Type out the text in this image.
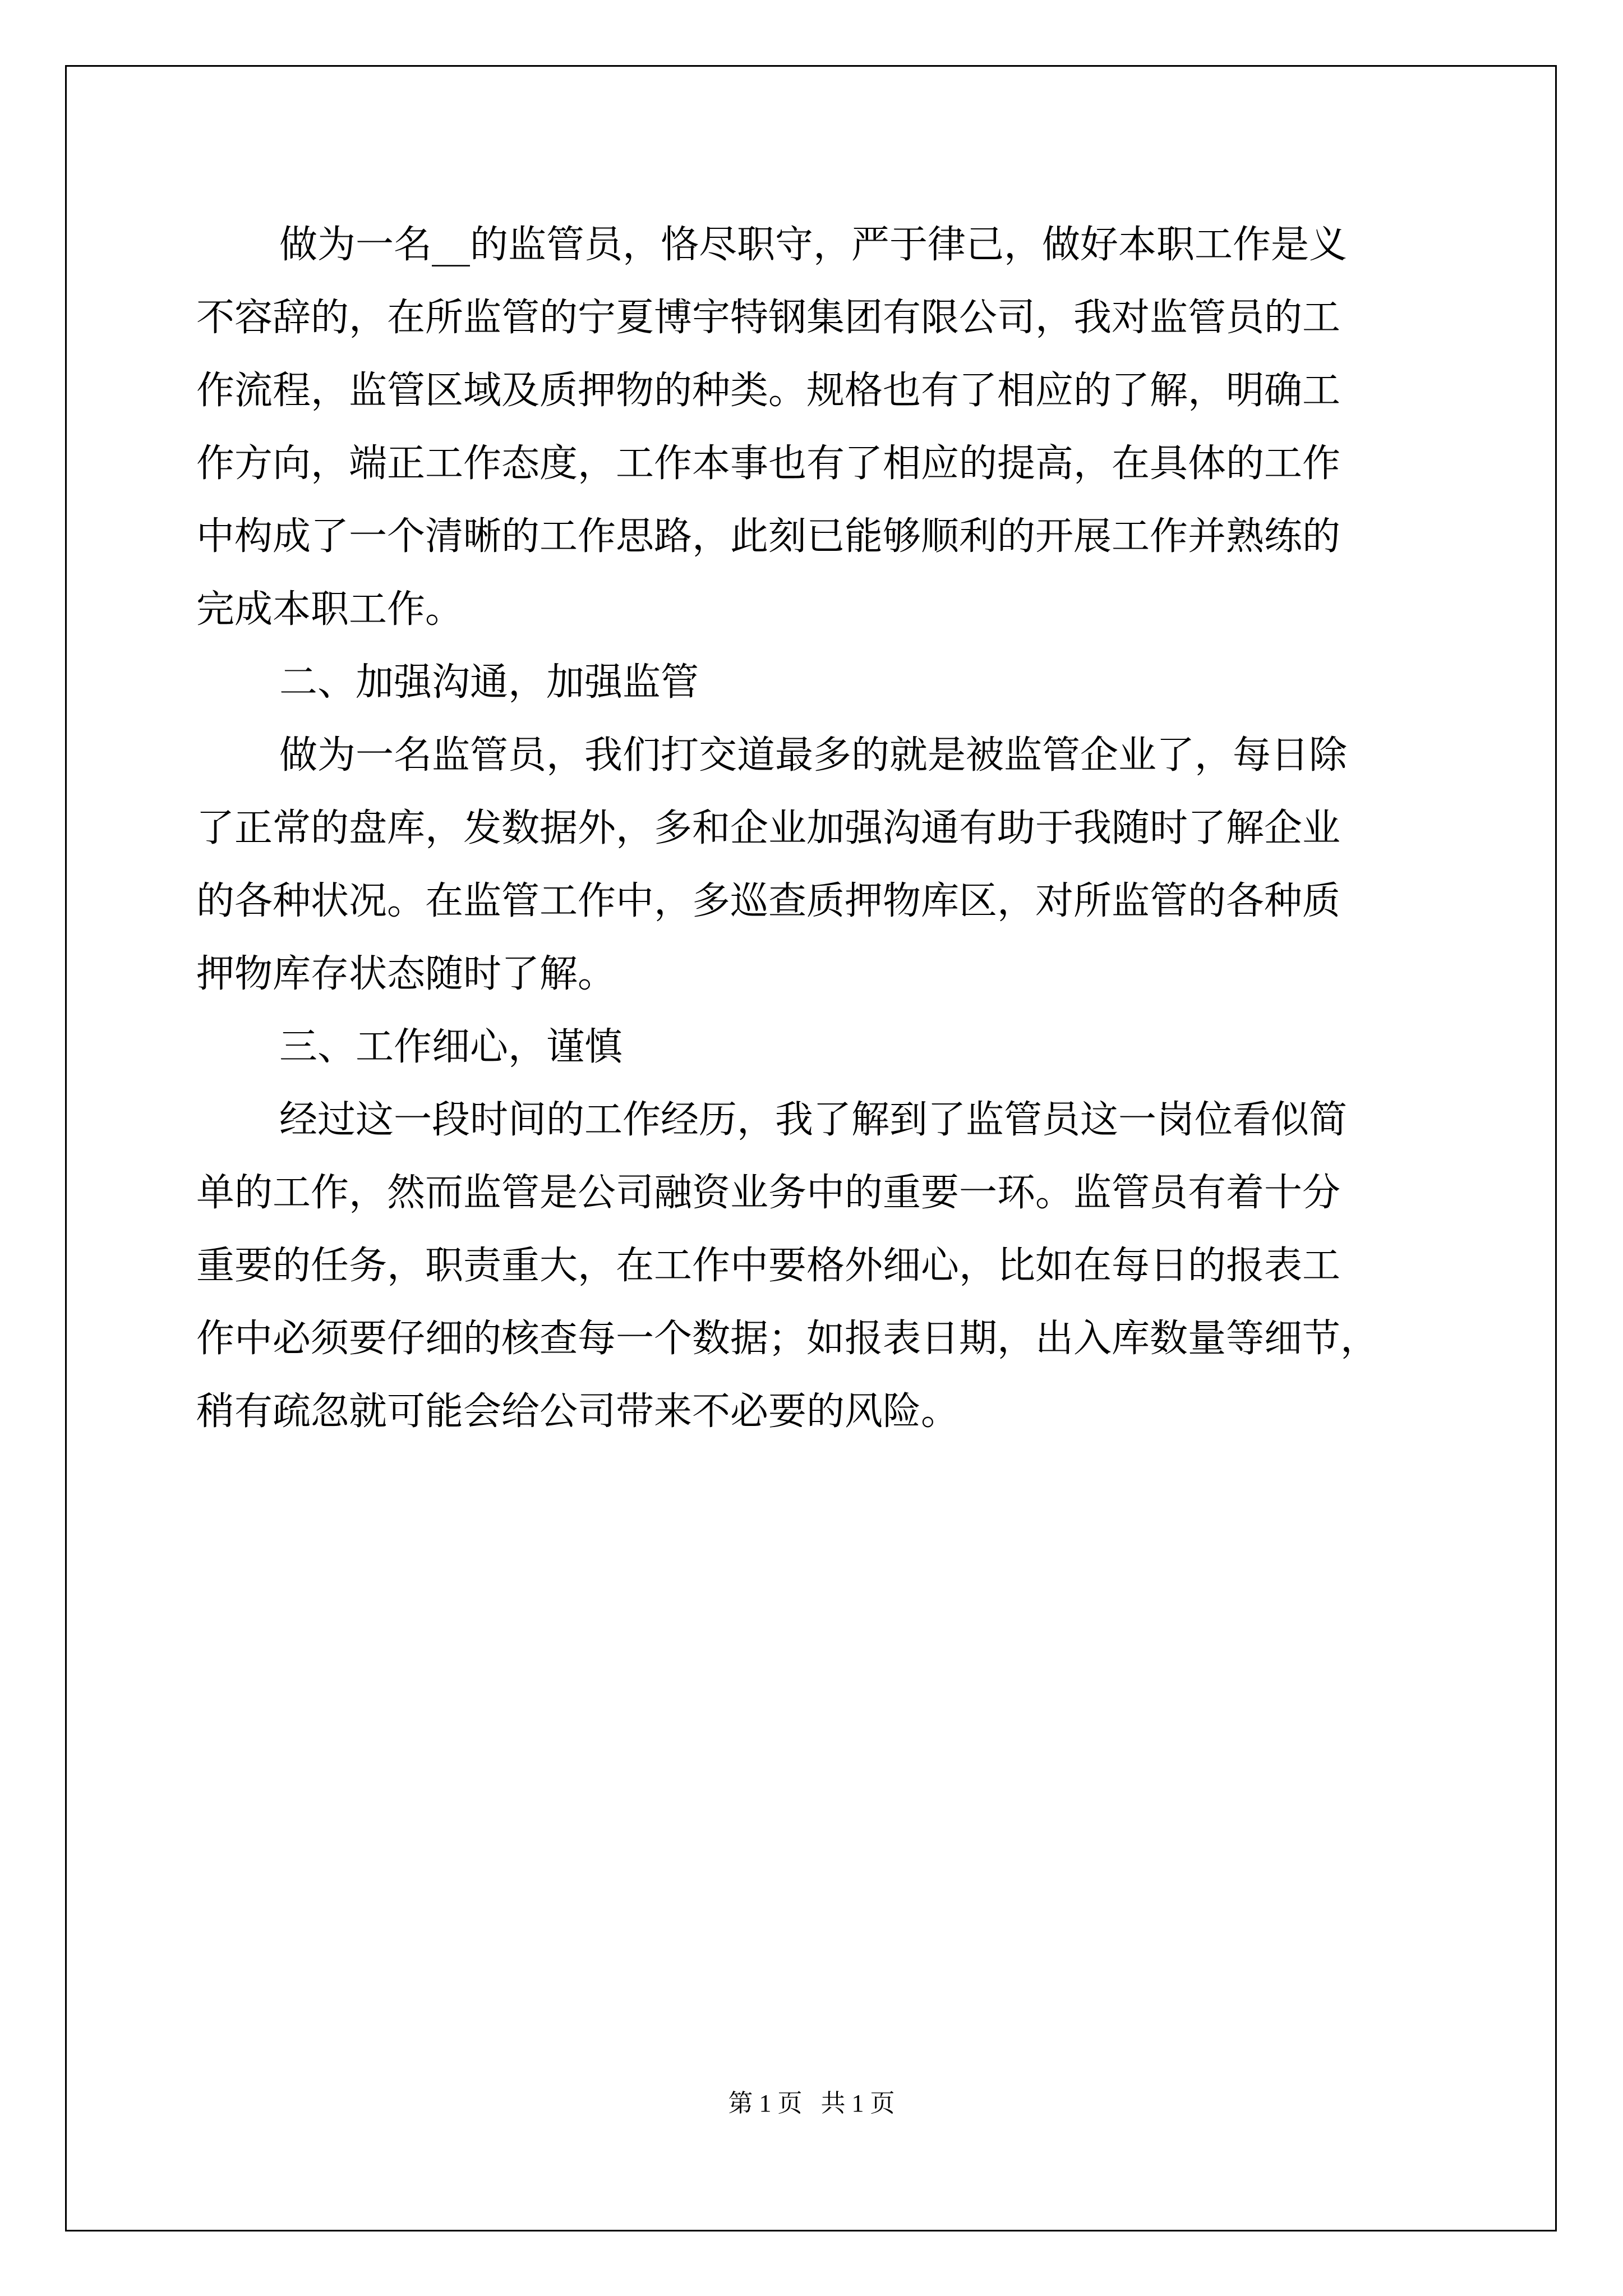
做为一名__的监管员，恪尽职守，严于律己，做好本职工作是义
不容辞的，在所监管的宁夏博宇特钢集团有限公司，我对监管员的工
作流程，监管区域及质押物的种类。规格也有了相应的了解，明确工
作方向，端正工作态度，工作本事也有了相应的提高，在具体的工作
中构成了一个清晰的工作思路，此刻已能够顺利的开展工作并熟练的
完成本职工作。
二、加强沟通，加强监管
做为一名监管员，我们打交道最多的就是被监管企业了，每日除
了正常的盘库，发数据外，多和企业加强沟通有助于我随时了解企业
的各种状况。在监管工作中，多巡查质押物库区，对所监管的各种质
押物库存状态随时了解。
三、工作细心，谨慎
经过这一段时间的工作经历，我了解到了监管员这一岗位看似简
单的工作，然而监管是公司融资业务中的重要一环。监管员有着十分
重要的任务，职责重大，在工作中要格外细心，比如在每日的报表工
作中必须要仔细的核查每一个数据；如报表日期，出入库数量等细节，
稍有疏忽就可能会给公司带来不必要的风险。
第 1 页   共 1 页
